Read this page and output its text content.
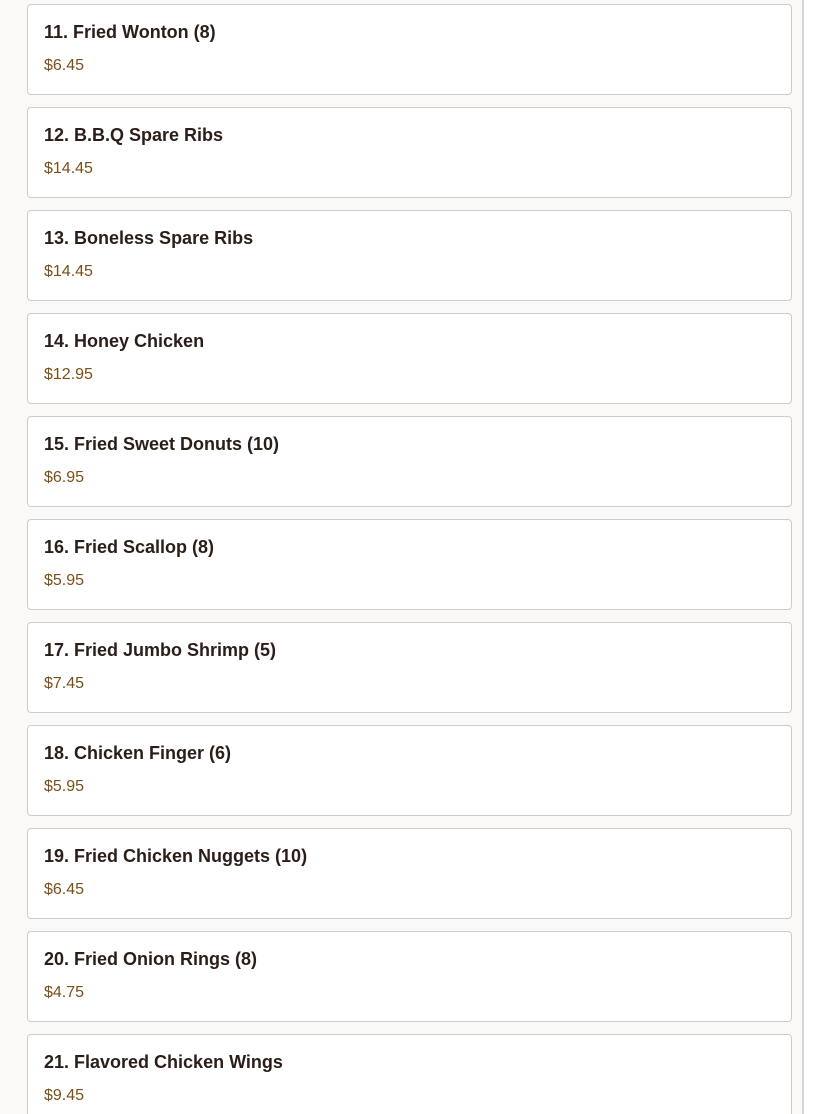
11. Fried Wonton (8)
$6.45
12. B.B.Q Spare Ribs
$14.45
13. Boneless Spare Ribs
$14.45
14. Honey Chicken
$12.95
15. Fried Sweet Donuts (10)
$6.95
16. Fried Scallop (8)
$5.95
17. Fried Jumbo Shrimp (5)
$7.45
18. Chicken Finger (6)
$5.95
19. Fried Chicken Nuggets (10)
$6.45
20. Fried Onion Rings (8)
$4.75
21. Flavored Chicken Wings
$9.45
